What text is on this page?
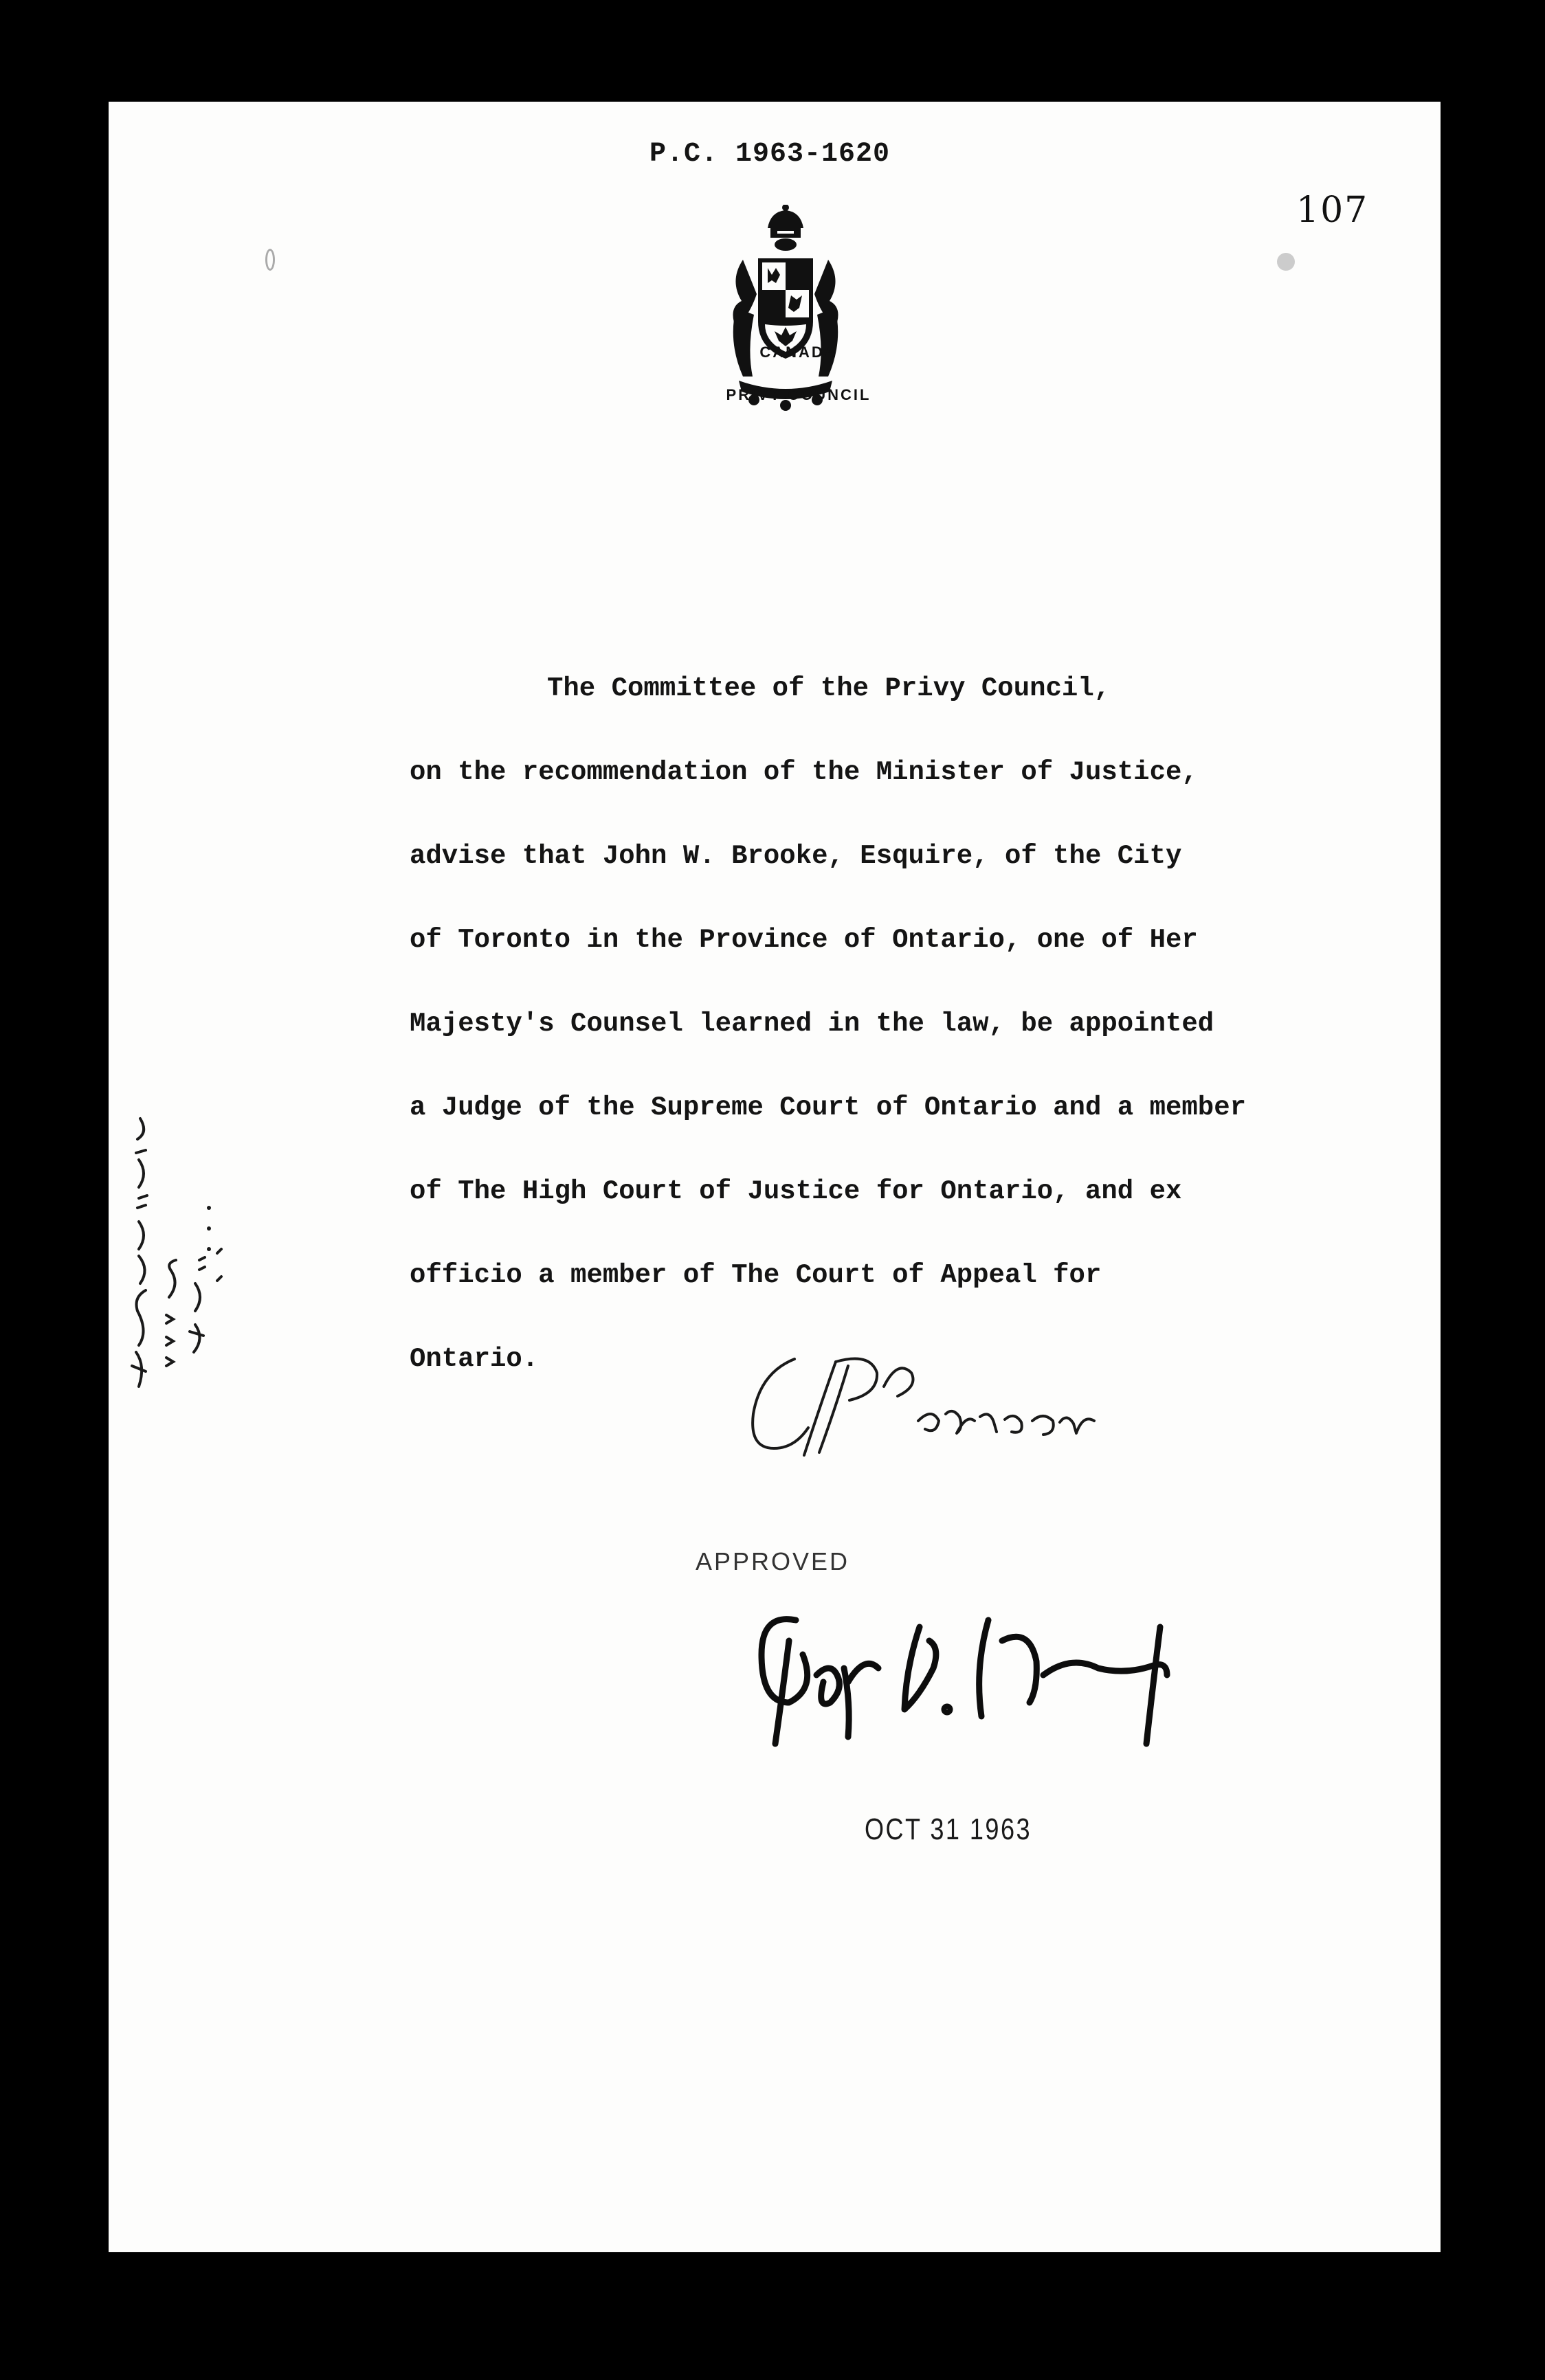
P.C. 1963-1620
107
CANADA
PRIVY COUNCIL

The Committee of the Privy Council,
on the recommendation of the Minister of Justice,
advise that John W. Brooke, Esquire, of the City
of Toronto in the Province of Ontario, one of Her
Majesty's Counsel learned in the law, be appointed
a Judge of the Supreme Court of Ontario and a member
of The High Court of Justice for Ontario, and ex
officio a member of The Court of Appeal for
Ontario.

APPROVED
OCT 31 1963
